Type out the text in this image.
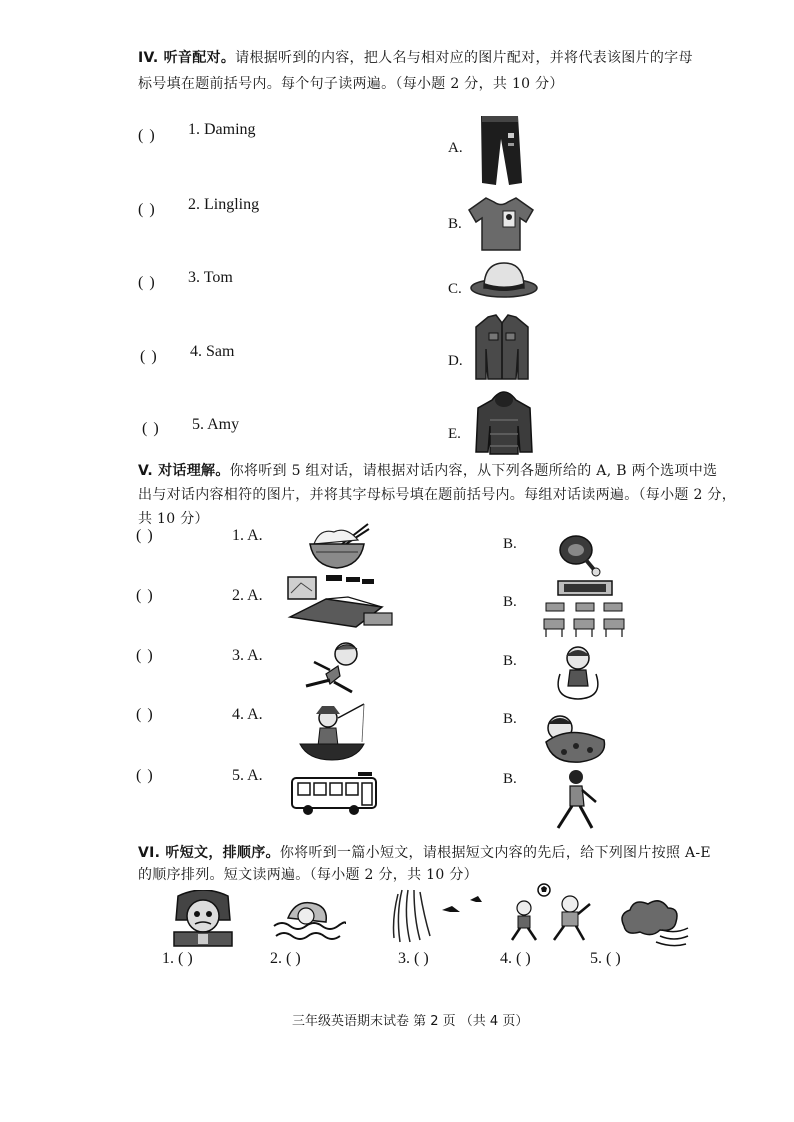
IV. 听音配对。请根据听到的内容，把人名与相对应的图片配对，并将代表该图片的字母
标号填在题前括号内。每个句子读两遍。（每小题 2 分，共 10 分）
( ) 1. Daming
( ) 2. Lingling
( ) 3. Tom
( ) 4. Sam
( ) 5. Amy
A.
B.
C.
D.
E.
V. 对话理解。你将听到 5 组对话，请根据对话内容，从下列各题所给的 A, B 两个选项中选
出与对话内容相符的图片，并将其字母标号填在题前括号内。每组对话读两遍。（每小题 2 分，
共 10 分）
( )	1. A.	B.
( )	2. A.	B.
( )	3. A.	B.
( )	4. A.	B.
( )	5. A.	B.
VI. 听短文，排顺序。你将听到一篇小短文，请根据短文内容的先后，给下列图片按照 A-E
的顺序排列。短文读两遍。（每小题 2 分，共 10 分）
1. ( )	2. ( )	3. ( )	4. ( )	5. ( )
三年级英语期末试卷 第 2 页 （共 4 页）
